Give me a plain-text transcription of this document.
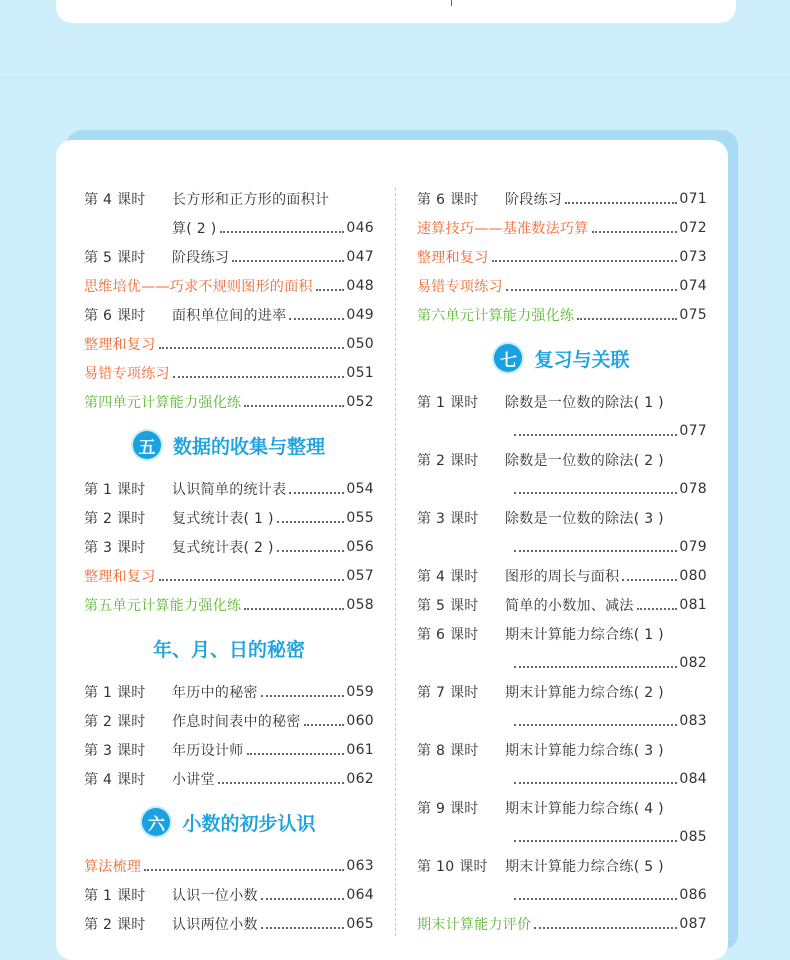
第 4 课时	长方形和正方形的面积计
算( 2 )	046
第 5 课时	阶段练习	047
思维培优——巧求不规则图形的面积 048
第 6 课时	面积单位间的进率	049
整理和复习	050
易错专项练习	051
第四单元计算能力强化练	052
五 数据的收集与整理
第 1 课时	认识简单的统计表	054
第 2 课时	复式统计表( 1 )	055
第 3 课时	复式统计表( 2 )	056
整理和复习	057
第五单元计算能力强化练	058
年、月、日的秘密
第 1 课时	年历中的秘密	059
第 2 课时	作息时间表中的秘密	060
第 3 课时	年历设计师	061
第 4 课时	小讲堂	062
六 小数的初步认识
算法梳理	063
第 1 课时	认识一位小数	064
第 2 课时	认识两位小数	065
第 6 课时	阶段练习	071
速算技巧——基准数法巧算	072
整理和复习	073
易错专项练习	074
第六单元计算能力强化练	075
七 复习与关联
第 1 课时	除数是一位数的除法( 1 )
077
第 2 课时	除数是一位数的除法( 2 )
078
第 3 课时	除数是一位数的除法( 3 )
079
第 4 课时	图形的周长与面积	080
第 5 课时	简单的小数加、减法	081
第 6 课时	期末计算能力综合练( 1 )
082
第 7 课时	期末计算能力综合练( 2 )
083
第 8 课时	期末计算能力综合练( 3 )
084
第 9 课时	期末计算能力综合练( 4 )
085
第 10 课时	期末计算能力综合练( 5 )
086
期末计算能力评价	087
